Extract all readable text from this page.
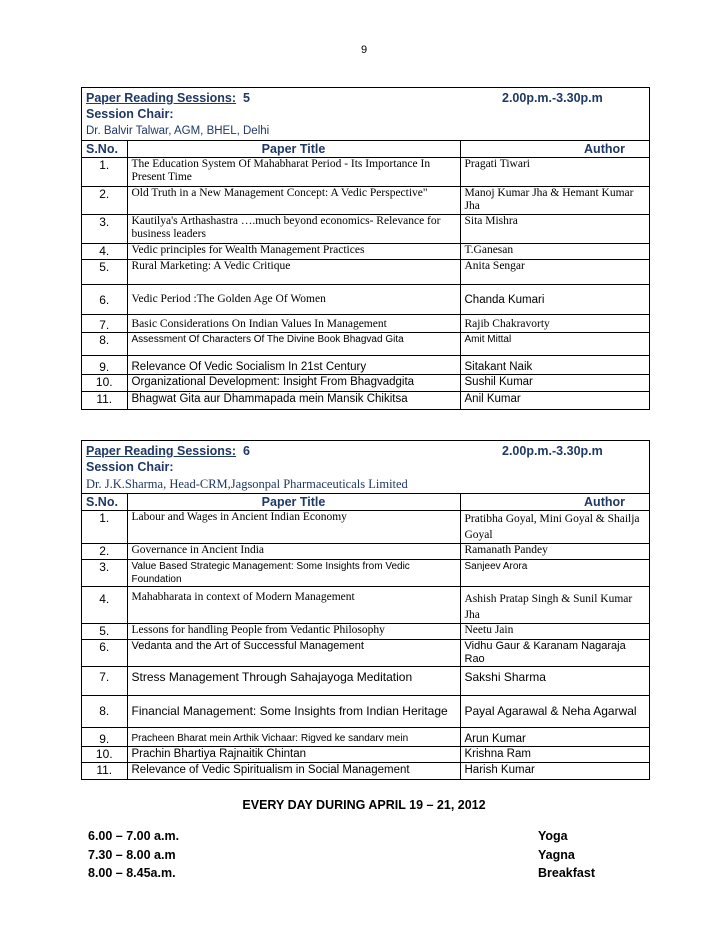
9
Paper Reading Sessions: 5	2.00p.m.-3.30p.m
Session Chair:
Dr. Balvir Talwar, AGM, BHEL, Delhi
S.No.	Paper Title	Author
1.	The Education System Of Mahabharat Period - Its Importance In Present Time	Pragati Tiwari
2.	Old Truth in a New Management Concept: A Vedic Perspective"	Manoj Kumar Jha & Hemant Kumar Jha
3.	Kautilya's Arthashastra ….much beyond economics- Relevance for business leaders	Sita Mishra
4.	Vedic principles for Wealth Management Practices	T.Ganesan
5.	Rural Marketing: A Vedic Critique	Anita Sengar
6.	Vedic Period :The Golden Age Of Women	Chanda Kumari
7.	Basic Considerations On Indian Values In Management	Rajib Chakravorty
8.	Assessment Of Characters Of The Divine Book Bhagvad Gita	Amit Mittal
9.	Relevance Of Vedic Socialism In 21st Century	Sitakant Naik
10.	Organizational Development: Insight From Bhagvadgita	Sushil Kumar
11.	Bhagwat Gita aur Dhammapada mein Mansik Chikitsa	Anil Kumar
Paper Reading Sessions: 6	2.00p.m.-3.30p.m
Session Chair:
Dr. J.K.Sharma, Head-CRM,Jagsonpal Pharmaceuticals Limited
S.No.	Paper Title	Author
1.	Labour and Wages in Ancient Indian Economy	Pratibha Goyal, Mini Goyal & Shailja Goyal
2.	Governance in Ancient India	Ramanath Pandey
3.	Value Based Strategic Management: Some Insights from Vedic Foundation	Sanjeev Arora
4.	Mahabharata in context of Modern Management	Ashish Pratap Singh & Sunil Kumar Jha
5.	Lessons for handling People from Vedantic Philosophy	Neetu Jain
6.	Vedanta and the Art of Successful Management	Vidhu Gaur & Karanam Nagaraja Rao
7.	Stress Management Through Sahajayoga Meditation	Sakshi Sharma
8.	Financial Management: Some Insights from Indian Heritage	Payal Agarawal & Neha Agarwal
9.	Pracheen Bharat mein Arthik Vichaar: Rigved ke sandarv mein	Arun Kumar
10.	Prachin Bhartiya Rajnaitik Chintan	Krishna Ram
11.	Relevance of Vedic Spiritualism in Social Management	Harish Kumar
EVERY DAY DURING APRIL 19 – 21, 2012
6.00 – 7.00 a.m.	Yoga
7.30 – 8.00 a.m	Yagna
8.00 – 8.45a.m.	Breakfast
